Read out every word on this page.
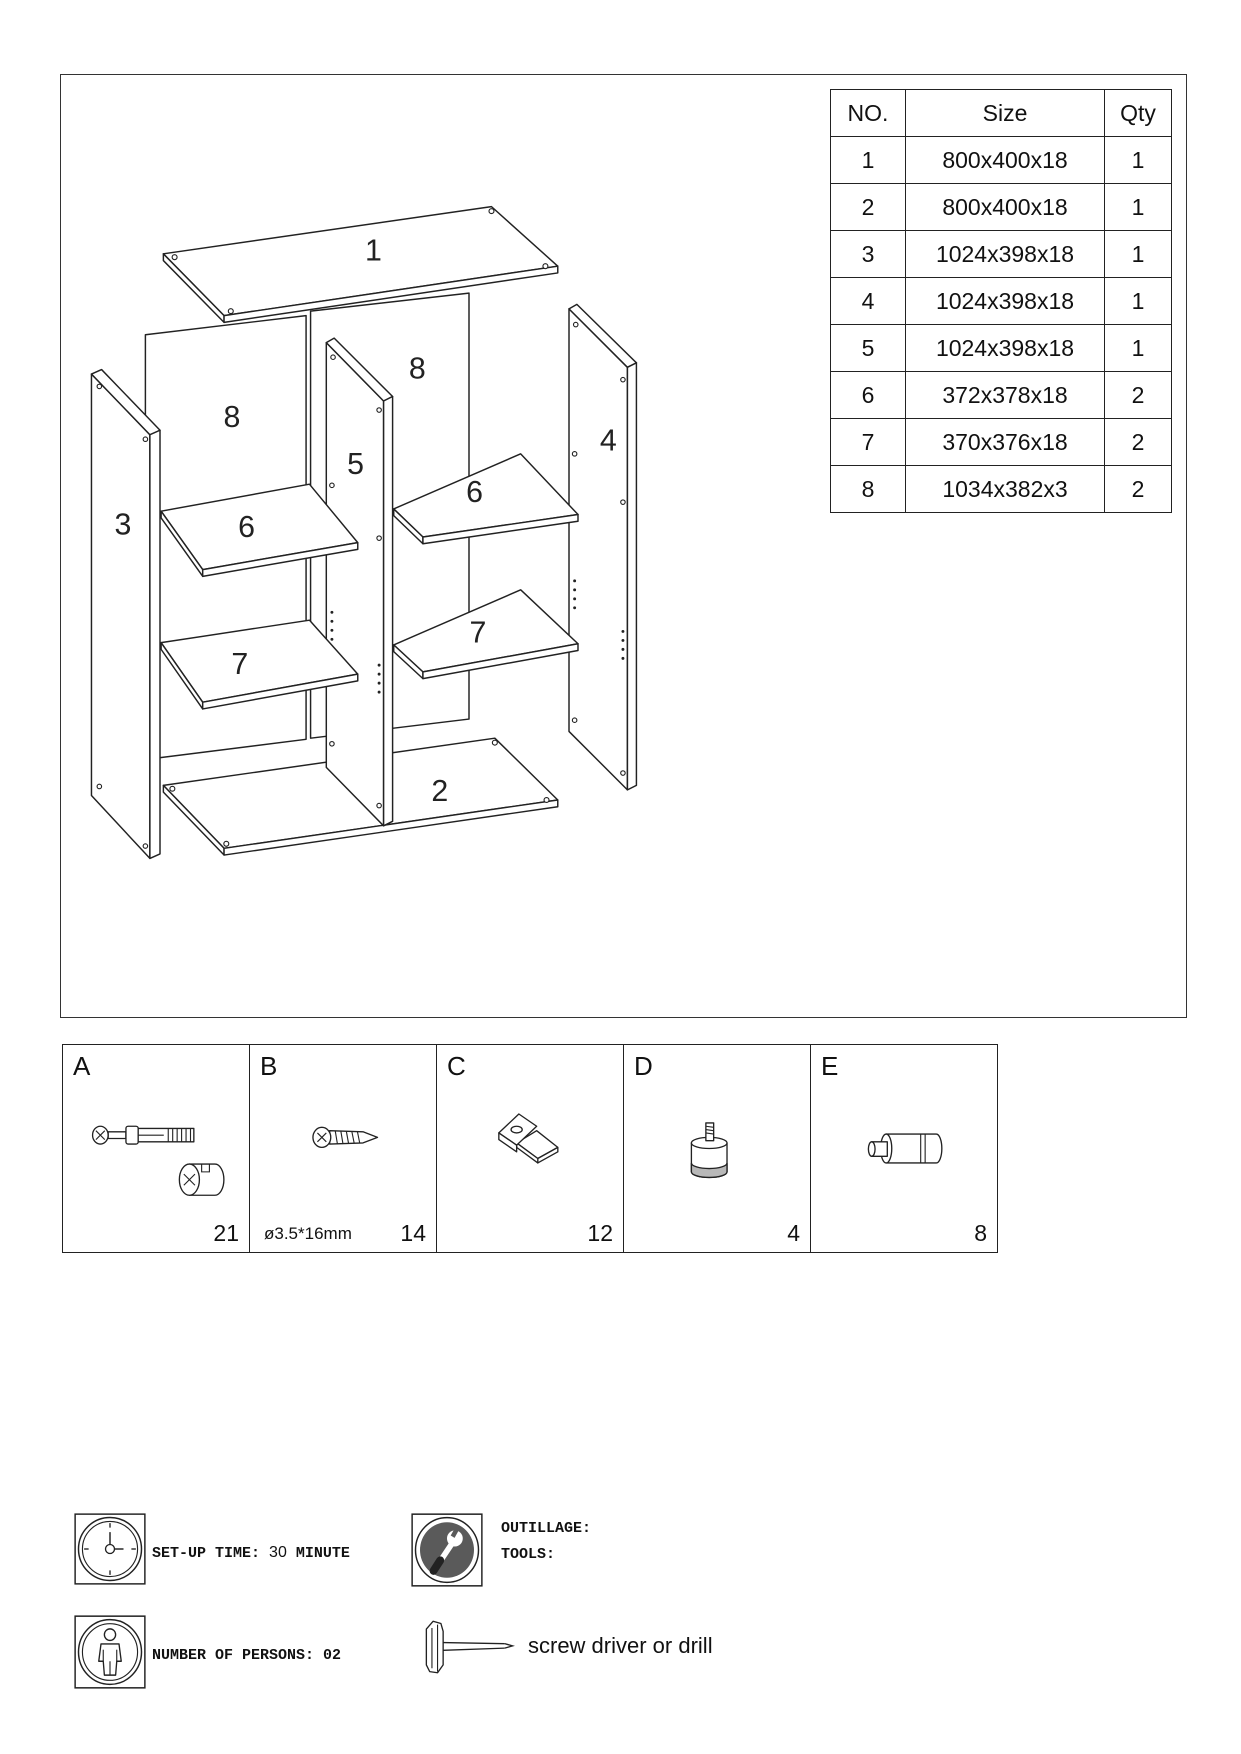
1
8
8
3
5
4
6
6
7
7
2
NO.	Size	Qty
1	800x400x18	1
2	800x400x18	1
3	1024x398x18	1
4	1024x398x18	1
5	1024x398x18	1
6	372x378x18	2
7	370x376x18	2
8	1034x382x3	2
A
21
B
ø3.5*16mm 14
C
12
D
4
E
8
SET-UP TIME: 30 MINUTE
OUTILLAGE:
TOOLS:
NUMBER OF PERSONS: 02	screw driver or drill
